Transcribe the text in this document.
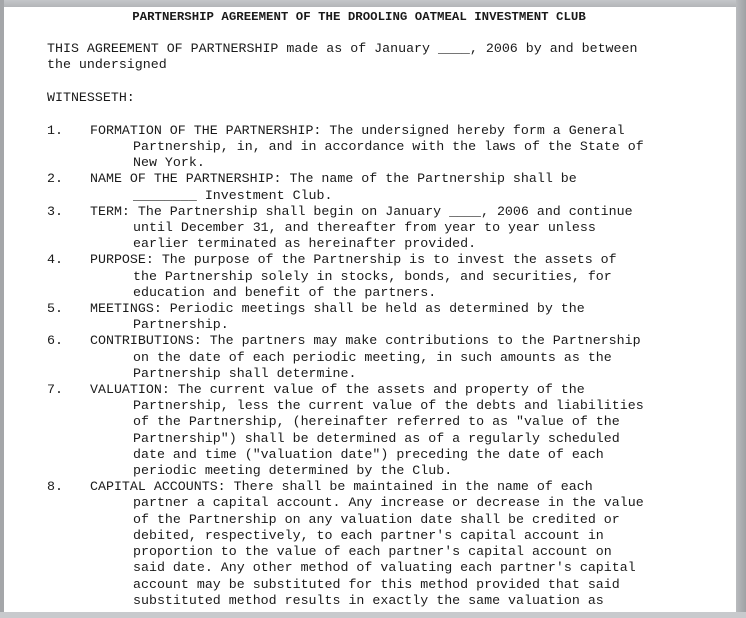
PARTNERSHIP AGREEMENT OF THE DROOLING OATMEAL INVESTMENT CLUB
THIS AGREEMENT OF PARTNERSHIP made as of January ____, 2006 by and between
the undersigned
WITNESSETH:
1.	FORMATION OF THE PARTNERSHIP: The undersigned hereby form a General
Partnership, in, and in accordance with the laws of the State of
New York.
2.	NAME OF THE PARTNERSHIP: The name of the Partnership shall be
________ Investment Club.
3.	TERM: The Partnership shall begin on January ____, 2006 and continue
until December 31, and thereafter from year to year unless
earlier terminated as hereinafter provided.
4.	PURPOSE: The purpose of the Partnership is to invest the assets of
the Partnership solely in stocks, bonds, and securities, for
education and benefit of the partners.
5.	MEETINGS: Periodic meetings shall be held as determined by the
Partnership.
6.	CONTRIBUTIONS: The partners may make contributions to the Partnership
on the date of each periodic meeting, in such amounts as the
Partnership shall determine.
7.	VALUATION: The current value of the assets and property of the
Partnership, less the current value of the debts and liabilities
of the Partnership, (hereinafter referred to as "value of the
Partnership") shall be determined as of a regularly scheduled
date and time ("valuation date") preceding the date of each
periodic meeting determined by the Club.
8.	CAPITAL ACCOUNTS: There shall be maintained in the name of each
partner a capital account. Any increase or decrease in the value
of the Partnership on any valuation date shall be credited or
debited, respectively, to each partner's capital account in
proportion to the value of each partner's capital account on
said date. Any other method of valuating each partner's capital
account may be substituted for this method provided that said
substituted method results in exactly the same valuation as
